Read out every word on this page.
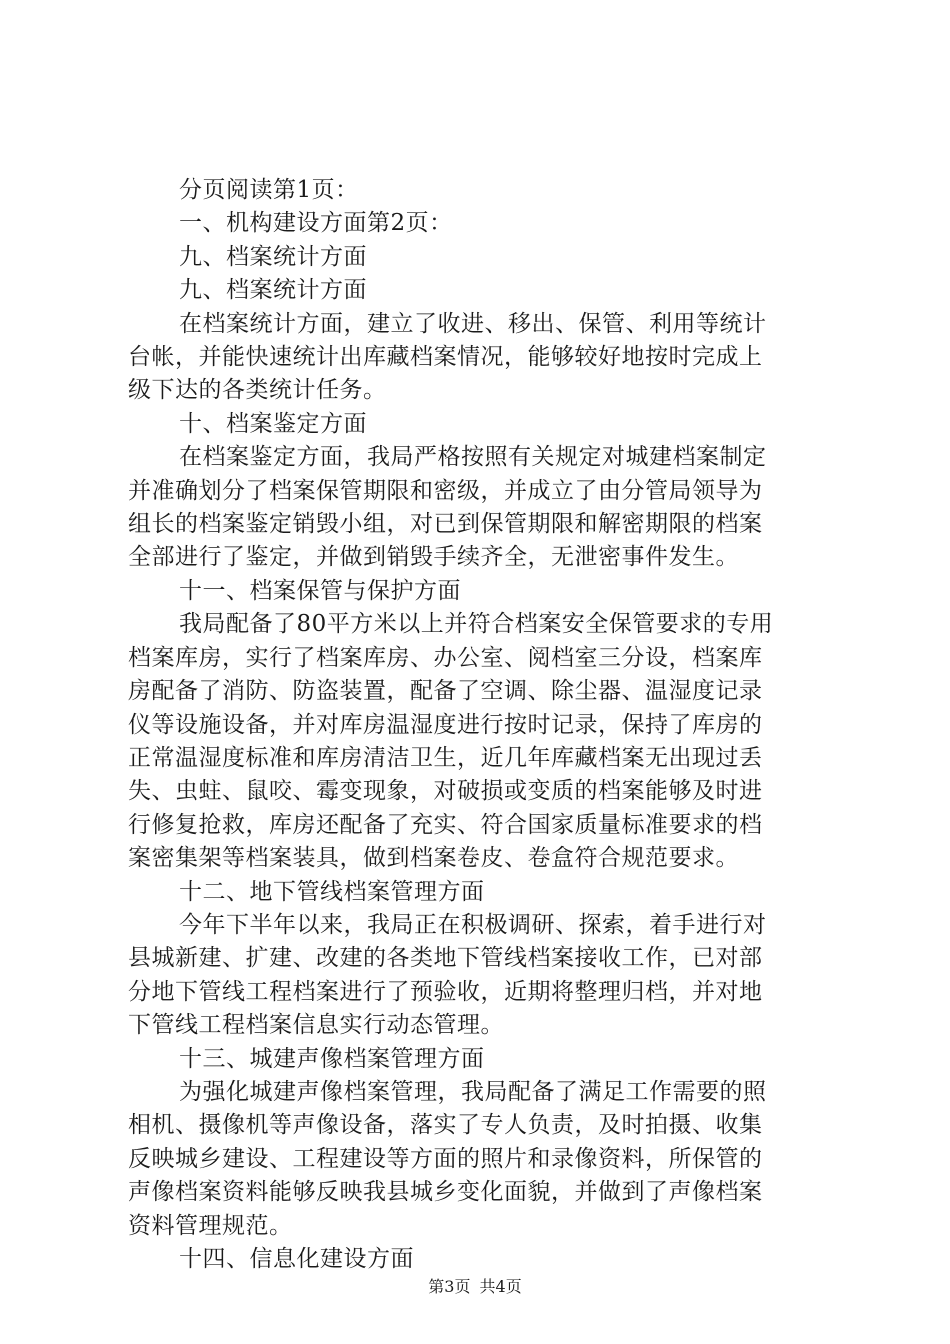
分页阅读第1页：
一、机构建设方面第2页：
九、档案统计方面
九、档案统计方面
在档案统计方面，建立了收进、移出、保管、利用等统计
台帐，并能快速统计出库藏档案情况，能够较好地按时完成上
级下达的各类统计任务。
十、档案鉴定方面
在档案鉴定方面，我局严格按照有关规定对城建档案制定
并准确划分了档案保管期限和密级，并成立了由分管局领导为
组长的档案鉴定销毁小组，对已到保管期限和解密期限的档案
全部进行了鉴定，并做到销毁手续齐全，无泄密事件发生。
十一、档案保管与保护方面
我局配备了80平方米以上并符合档案安全保管要求的专用
档案库房，实行了档案库房、办公室、阅档室三分设，档案库
房配备了消防、防盗装置，配备了空调、除尘器、温湿度记录
仪等设施设备，并对库房温湿度进行按时记录，保持了库房的
正常温湿度标准和库房清洁卫生，近几年库藏档案无出现过丢
失、虫蛀、鼠咬、霉变现象，对破损或变质的档案能够及时进
行修复抢救，库房还配备了充实、符合国家质量标准要求的档
案密集架等档案装具，做到档案卷皮、卷盒符合规范要求。
十二、地下管线档案管理方面
今年下半年以来，我局正在积极调研、探索，着手进行对
县城新建、扩建、改建的各类地下管线档案接收工作，已对部
分地下管线工程档案进行了预验收，近期将整理归档，并对地
下管线工程档案信息实行动态管理。
十三、城建声像档案管理方面
为强化城建声像档案管理，我局配备了满足工作需要的照
相机、摄像机等声像设备，落实了专人负责，及时拍摄、收集
反映城乡建设、工程建设等方面的照片和录像资料，所保管的
声像档案资料能够反映我县城乡变化面貌，并做到了声像档案
资料管理规范。
十四、信息化建设方面
第3页 共4页
